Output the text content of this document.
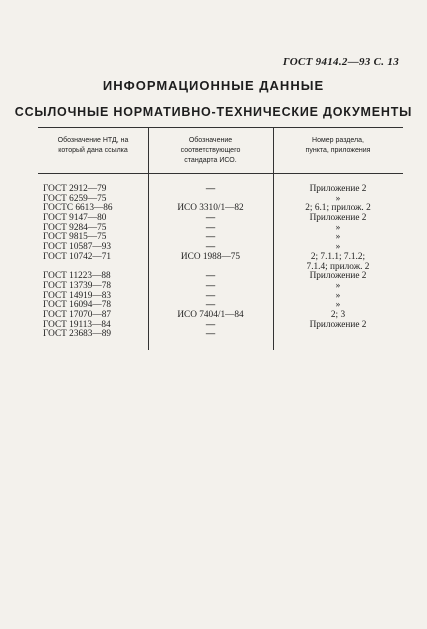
ГОСТ 9414.2—93 С. 13
ИНФОРМАЦИОННЫЕ ДАННЫЕ
ССЫЛОЧНЫЕ НОРМАТИВНО-ТЕХНИЧЕСКИЕ ДОКУМЕНТЫ
Обозначение НТД, на
который дана ссылка
Обозначение
соответствующего
стандарта ИСО.
Номер раздела,
пункта, приложения
ГОСТ 2912—79	—	Приложение 2
ГОСТ 6259—75	»
ГОСТС 6613—86	ИСО 3310/1—82	2; 6.1; прилож. 2
ГОСТ 9147—80	—	Приложение 2
ГОСТ 9284—75	—	»
ГОСТ 9815—75	—	»
ГОСТ 10587—93	—	»
ГОСТ 10742—71	ИСО 1988—75	2; 7.1.1; 7.1.2;
7.1.4; прилож. 2
ГОСТ 11223—88	—	Приложение 2
ГОСТ 13739—78	—	»
ГОСТ 14919—83	—	»
ГОСТ 16094—78	—	»
ГОСТ 17070—87	ИСО 7404/1—84	2; 3
ГОСТ 19113—84	—	Приложение 2
ГОСТ 23683—89	—
